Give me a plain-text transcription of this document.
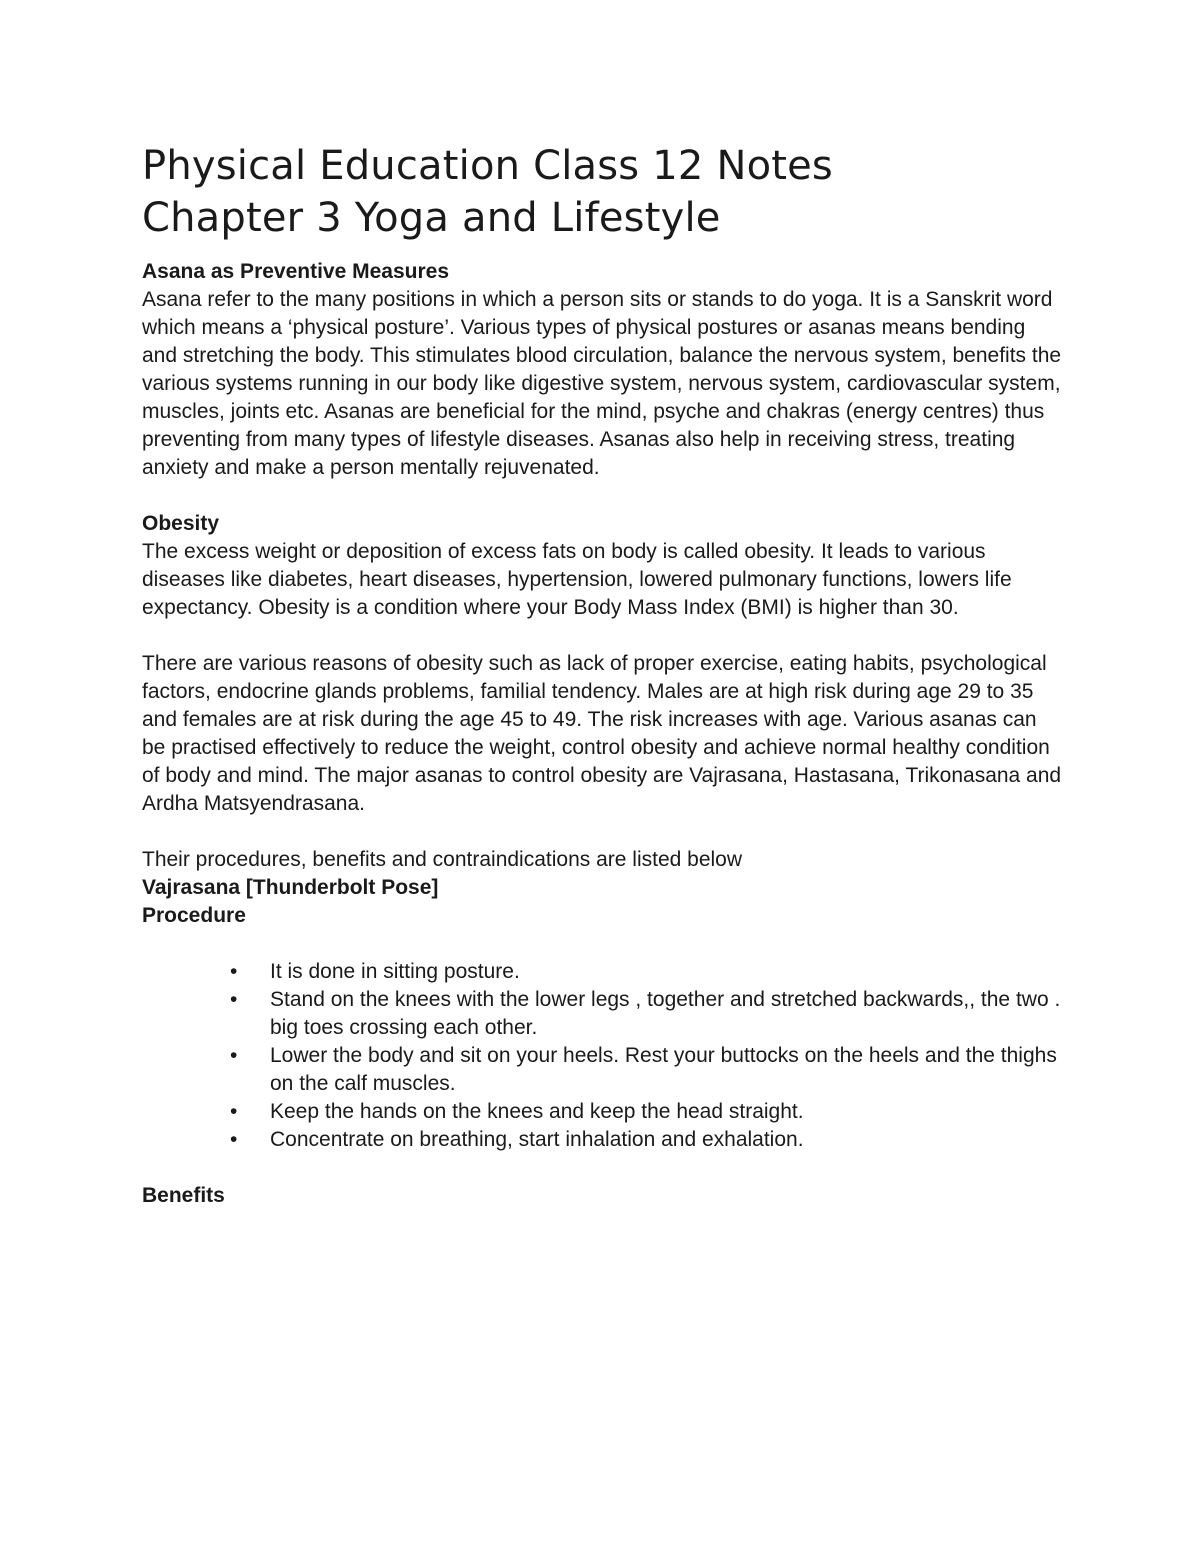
Physical Education Class 12 Notes
Chapter 3 Yoga and Lifestyle

Asana as Preventive Measures

Asana refer to the many positions in which a person sits or stands to do yoga. It is a Sanskrit word which means a ‘physical posture’. Various types of physical postures or asanas means bending and stretching the body. This stimulates blood circulation, balance the nervous system, benefits the various systems running in our body like digestive system, nervous system, cardiovascular system, muscles, joints etc. Asanas are beneficial for the mind, psyche and chakras (energy centres) thus preventing from many types of lifestyle diseases. Asanas also help in receiving stress, treating anxiety and make a person mentally rejuvenated.

Obesity

The excess weight or deposition of excess fats on body is called obesity. It leads to various diseases like diabetes, heart diseases, hypertension, lowered pulmonary functions, lowers life expectancy. Obesity is a condition where your Body Mass Index (BMI) is higher than 30.

There are various reasons of obesity such as lack of proper exercise, eating habits, psychological factors, endocrine glands problems, familial tendency. Males are at high risk during age 29 to 35 and females are at risk during the age 45 to 49. The risk increases with age. Various asanas can be practised effectively to reduce the weight, control obesity and achieve normal healthy condition of body and mind. The major asanas to control obesity are Vajrasana, Hastasana, Trikonasana and Ardha Matsyendrasana.

Their procedures, benefits and contraindications are listed below

Vajrasana [Thunderbolt Pose]

Procedure

•	It is done in sitting posture.
•	Stand on the knees with the lower legs , together and stretched backwards,, the two . big toes crossing each other.
•	Lower the body and sit on your heels. Rest your buttocks on the heels and the thighs on the calf muscles.
•	Keep the hands on the knees and keep the head straight.
•	Concentrate on breathing, start inhalation and exhalation.

Benefits
